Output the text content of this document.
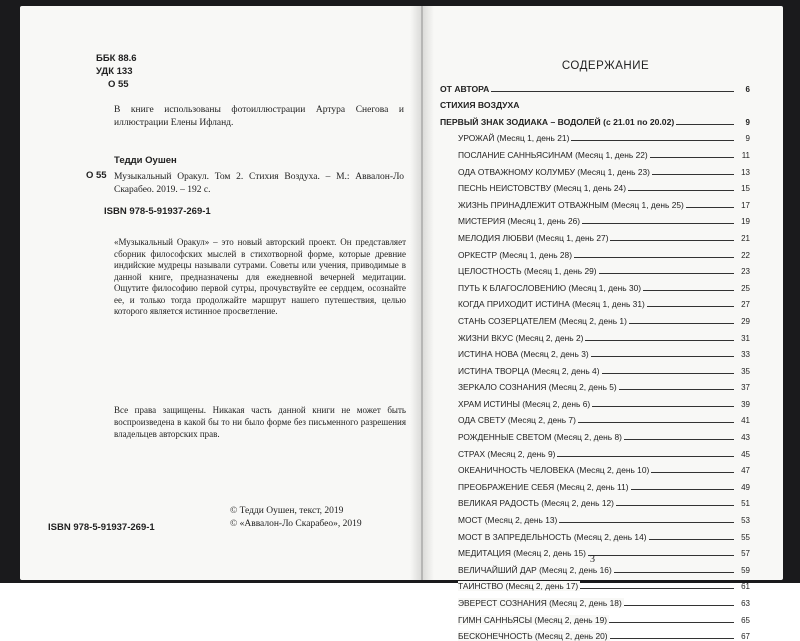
ББК 88.6
УДК 133
О 55
В книге использованы фотоиллюстрации Артура Снегова и иллюстрации Елены Ифланд.
Тедди Оушен
О 55 Музыкальный Оракул. Том 2. Стихия Воздуха. – М.: Аввалон-Ло Скарабео. 2019. – 192 с.
ISBN 978-5-91937-269-1
«Музыкальный Оракул» – это новый авторский проект. Он представляет сборник философских мыслей в стихотворной форме, которые древние индийские мудрецы называли сутрами. Советы или учения, приводимые в данной книге, предназначены для ежедневной вечерней медитации. Ощутите философию первой сутры, прочувствуйте ее сердцем, осознайте ее, и только тогда продолжайте маршрут нашего путешествия, целью которого является истинное просветление.
Все права защищены. Никакая часть данной книги не может быть воспроизведена в какой бы то ни было форме без письменного разрешения владельцев авторских прав.
© Тедди Оушен, текст, 2019
© «Аввалон-Ло Скарабео», 2019
ISBN 978-5-91937-269-1
СОДЕРЖАНИЕ
ОТ АВТОРА	6
СТИХИЯ ВОЗДУХА
ПЕРВЫЙ ЗНАК ЗОДИАКА – ВОДОЛЕЙ (с 21.01 по 20.02)	9
УРОЖАЙ (Месяц 1, день 21)	9
ПОСЛАНИЕ САННЬЯСИНАМ (Месяц 1, день 22)	11
ОДА ОТВАЖНОМУ КОЛУМБУ (Месяц 1, день 23)	13
ПЕСНЬ НЕИСТОВСТВУ (Месяц 1, день 24)	15
ЖИЗНЬ ПРИНАДЛЕЖИТ ОТВАЖНЫМ (Месяц 1, день 25)	17
МИСТЕРИЯ (Месяц 1, день 26)	19
МЕЛОДИЯ ЛЮБВИ (Месяц 1, день 27)	21
ОРКЕСТР (Месяц 1, день 28)	22
ЦЕЛОСТНОСТЬ (Месяц 1, день 29)	23
ПУТЬ К БЛАГОСЛОВЕНИЮ (Месяц 1, день 30)	25
КОГДА ПРИХОДИТ ИСТИНА (Месяц 1, день 31)	27
СТАНЬ СОЗЕРЦАТЕЛЕМ (Месяц 2, день 1)	29
ЖИЗНИ ВКУС (Месяц 2, день 2)	31
ИСТИНА НОВА (Месяц 2, день 3)	33
ИСТИНА ТВОРЦА (Месяц 2, день 4)	35
ЗЕРКАЛО СОЗНАНИЯ (Месяц 2, день 5)	37
ХРАМ ИСТИНЫ (Месяц 2, день 6)	39
ОДА СВЕТУ (Месяц 2, день 7)	41
РОЖДЕННЫЕ СВЕТОМ (Месяц 2, день 8)	43
СТРАХ (Месяц 2, день 9)	45
ОКЕАНИЧНОСТЬ ЧЕЛОВЕКА (Месяц 2, день 10)	47
ПРЕОБРАЖЕНИЕ СЕБЯ (Месяц 2, день 11)	49
ВЕЛИКАЯ РАДОСТЬ (Месяц 2, день 12)	51
МОСТ (Месяц 2, день 13)	53
МОСТ В ЗАПРЕДЕЛЬНОСТЬ (Месяц 2, день 14)	55
МЕДИТАЦИЯ (Месяц 2, день 15)	57
ВЕЛИЧАЙШИЙ ДАР (Месяц 2, день 16)	59
ТАИНСТВО (Месяц 2, день 17)	61
ЭВЕРЕСТ СОЗНАНИЯ (Месяц 2, день 18)	63
ГИМН САННЬЯСЫ (Месяц 2, день 19)	65
БЕСКОНЕЧНОСТЬ (Месяц 2, день 20)	67
3
